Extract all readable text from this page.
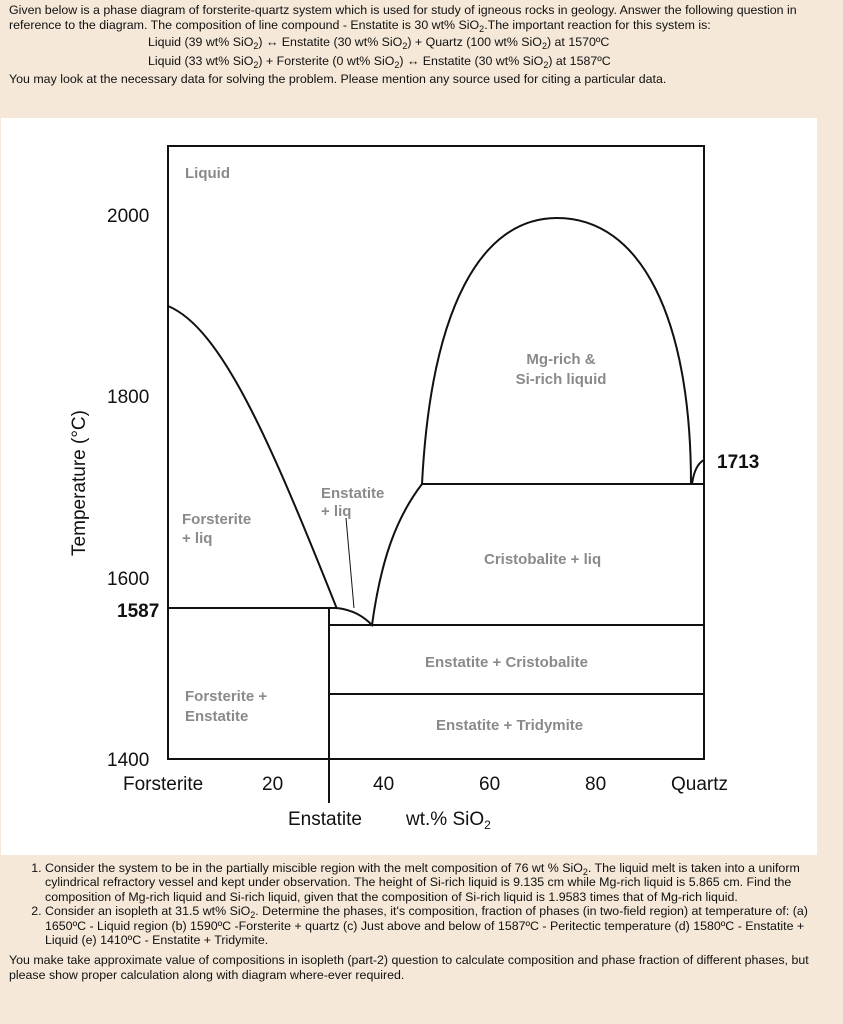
Given below is a phase diagram of forsterite-quartz system which is used for study of igneous rocks in geology. Answer the following question in reference to the diagram. The composition of line compound - Enstatite is 30 wt% SiO$_2$.The important reaction for this system is:

Liquid (39 wt% SiO$_2$) ↔ Enstatite (30 wt% SiO$_2$) + Quartz (100 wt% SiO$_2$) at 1570ºC
Liquid (33 wt% SiO$_2$) + Forsterite (0 wt% SiO$_2$) ↔ Enstatite (30 wt% SiO$_2$) at 1587ºC

You may look at the necessary data for solving the problem. Please mention any source used for citing a particular data.

2000
1800
1600
1400
1587
1713
Forsterite	20	40	60	80	Quartz
Enstatite wt.% SiO$_2$
Temperature (°C)
Liquid
Mg-rich &
Si-rich liquid
Forsterite
+ liq
Enstatite
+ liq
Cristobalite + liq
Enstatite + Cristobalite
Forsterite +
Enstatite
Enstatite + Tridymite
1. Consider the system to be in the partially miscible region with the melt composition of 76 wt % SiO$_2$. The liquid melt is taken into a uniform cylindrical refractory vessel and kept under observation. The height of Si-rich liquid is 9.135 cm while Mg-rich liquid is 5.865 cm. Find the composition of Mg-rich liquid and Si-rich liquid, given that the composition of Si-rich liquid is 1.9583 times that of Mg-rich liquid.
2. Consider an isopleth at 31.5 wt% SiO$_2$. Determine the phases, it's composition, fraction of phases (in two-field region) at temperature of: (a) 1650ºC - Liquid region (b) 1590ºC -Forsterite + quartz (c) Just above and below of 1587ºC - Peritectic temperature (d) 1580ºC - Enstatite + Liquid (e) 1410ºC - Enstatite + Tridymite.

You make take approximate value of compositions in isopleth (part-2) question to calculate composition and phase fraction of different phases, but please show proper calculation along with diagram where-ever required.
